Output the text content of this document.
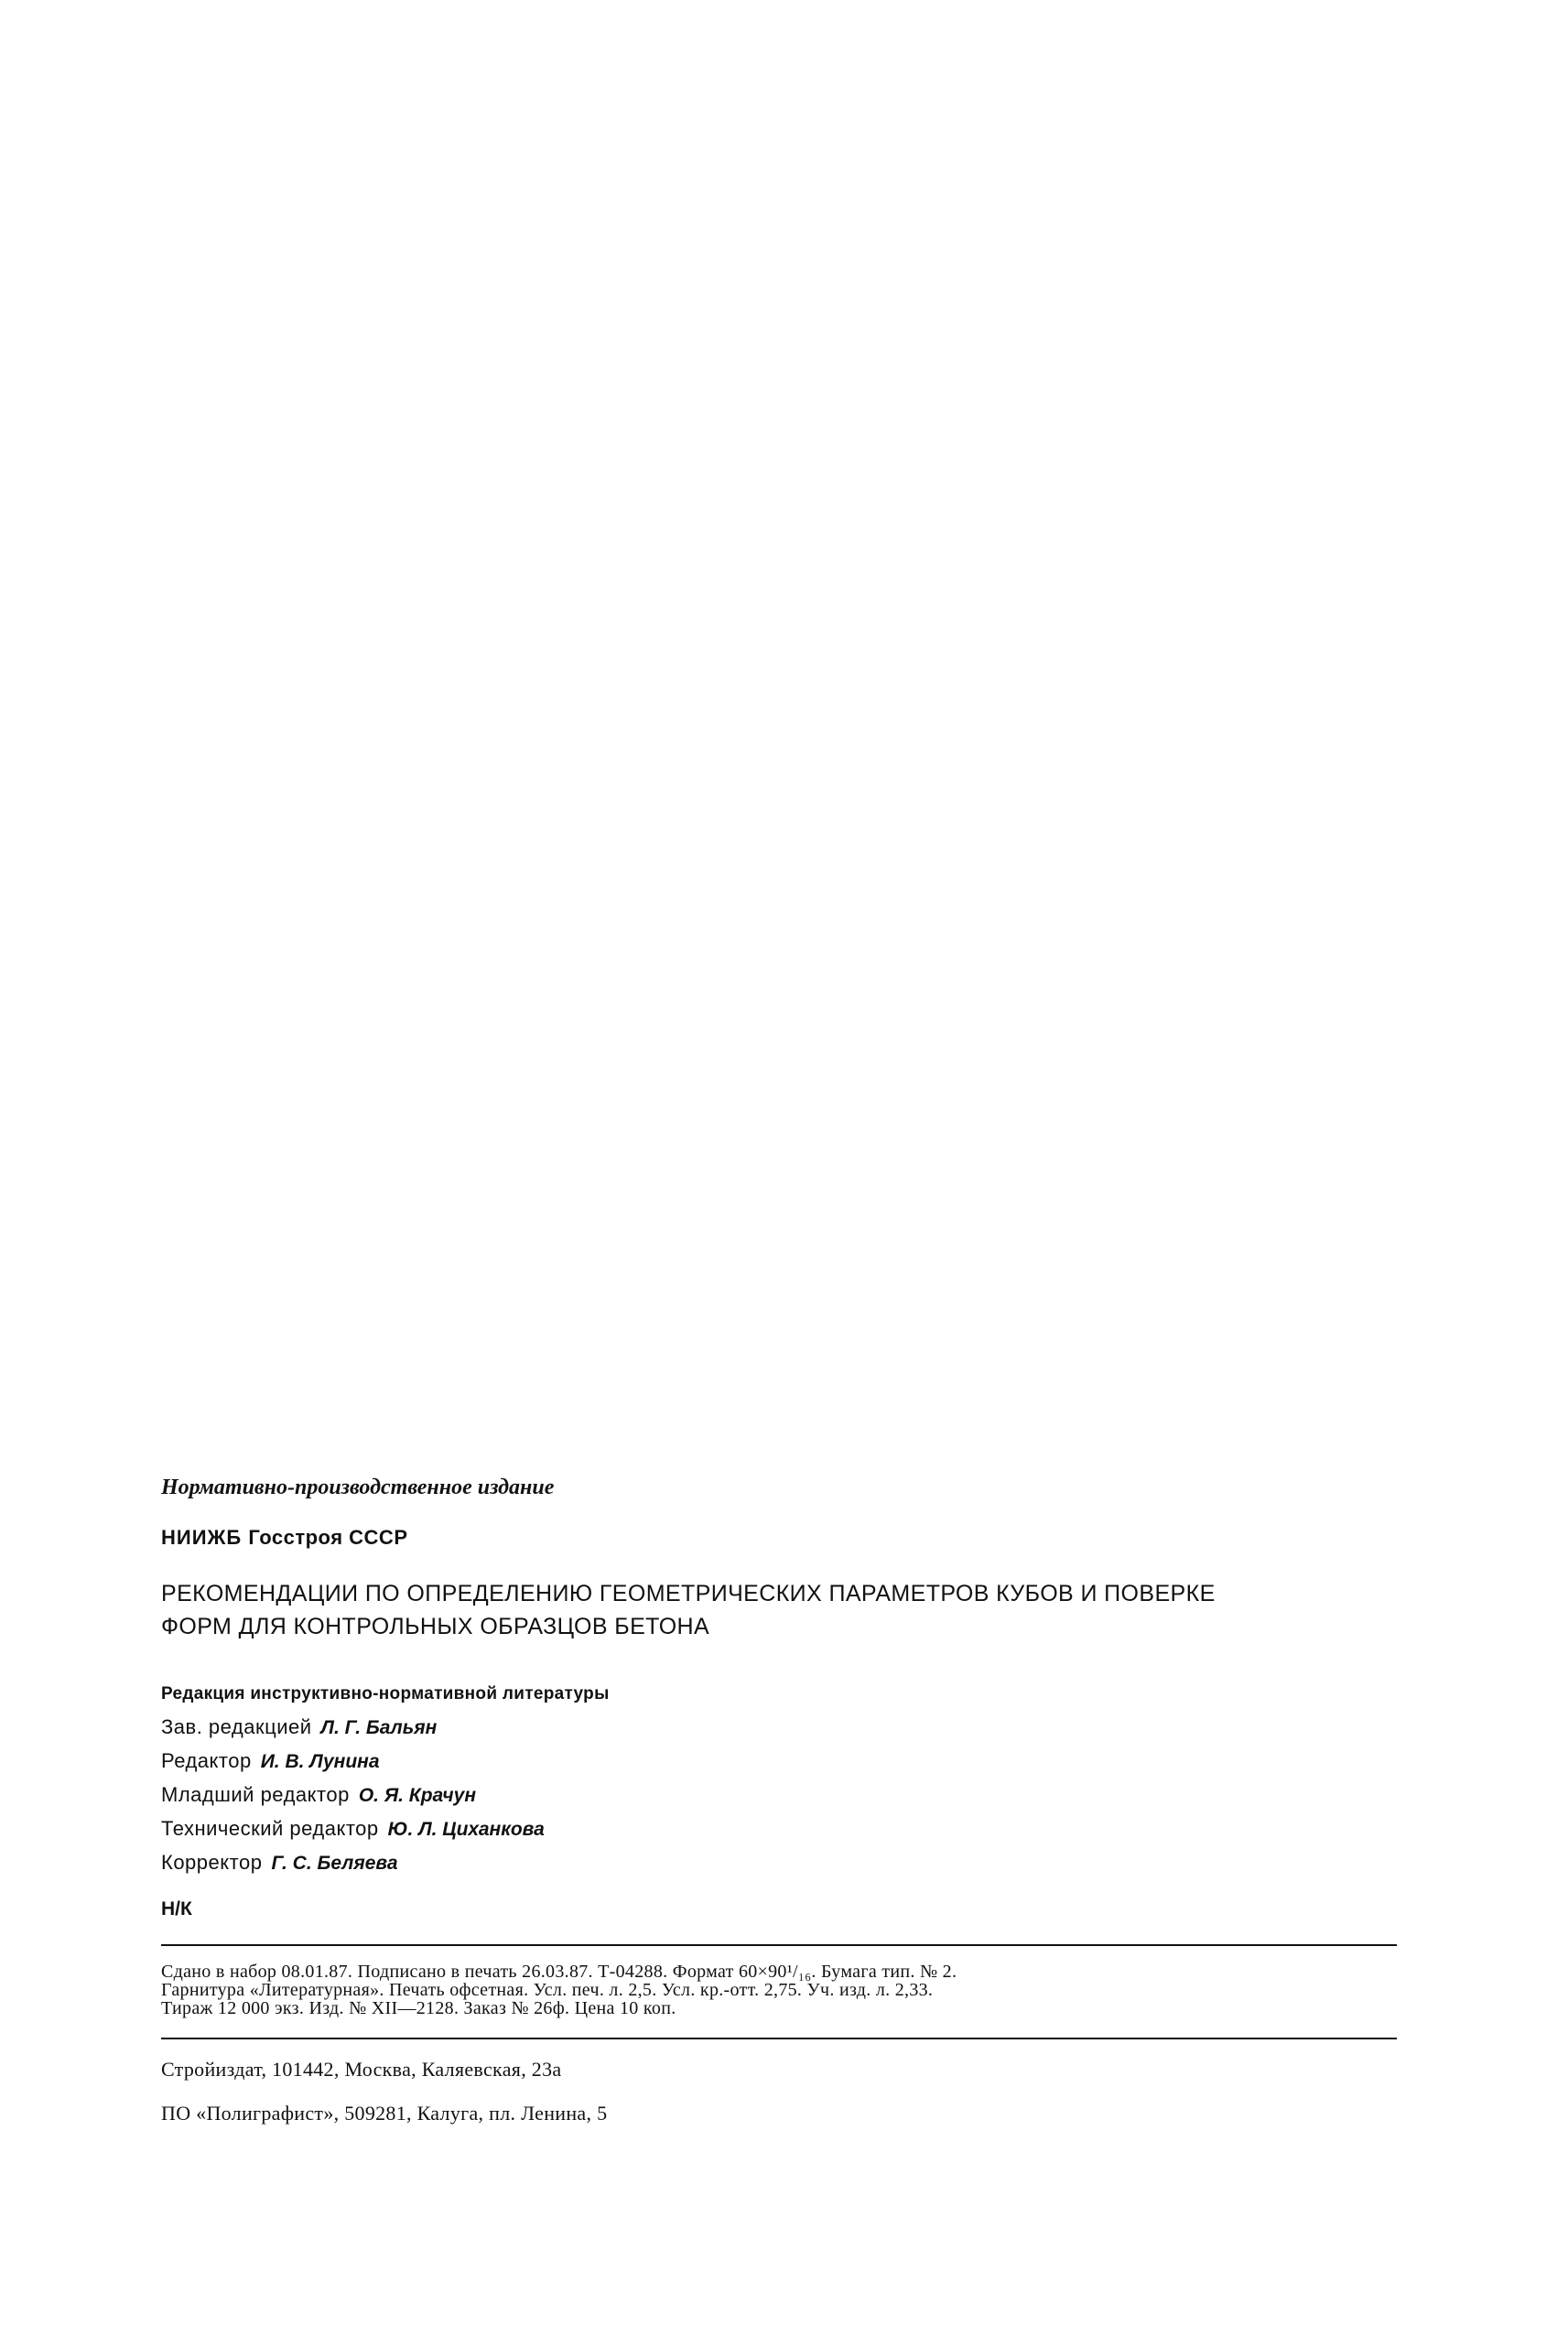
Нормативно-производственное издание
НИИЖБ Госстроя СССР
РЕКОМЕНДАЦИИ ПО ОПРЕДЕЛЕНИЮ ГЕОМЕТРИЧЕСКИХ ПАРАМЕТРОВ КУБОВ И ПОВЕРКЕ
ФОРМ ДЛЯ КОНТРОЛЬНЫХ ОБРАЗЦОВ БЕТОНА
Редакция инструктивно-нормативной литературы
Зав. редакцией Л. Г. Бальян
Редактор И. В. Лунина
Младший редактор О. Я. Крачун
Технический редактор Ю. Л. Циханкова
Корректор Г. С. Беляева
Н/К
Сдано в набор 08.01.87. Подписано в печать 26.03.87. Т-04288. Формат 60×90¹/₁₆. Бумага тип. № 2.
Гарнитура «Литературная». Печать офсетная. Усл. печ. л. 2,5. Усл. кр.-отт. 2,75. Уч. изд. л. 2,33.
Тираж 12 000 экз. Изд. № XII—2128. Заказ № 26ф. Цена 10 коп.
Стройиздат, 101442, Москва, Каляевская, 23а
ПО «Полиграфист», 509281, Калуга, пл. Ленина, 5
